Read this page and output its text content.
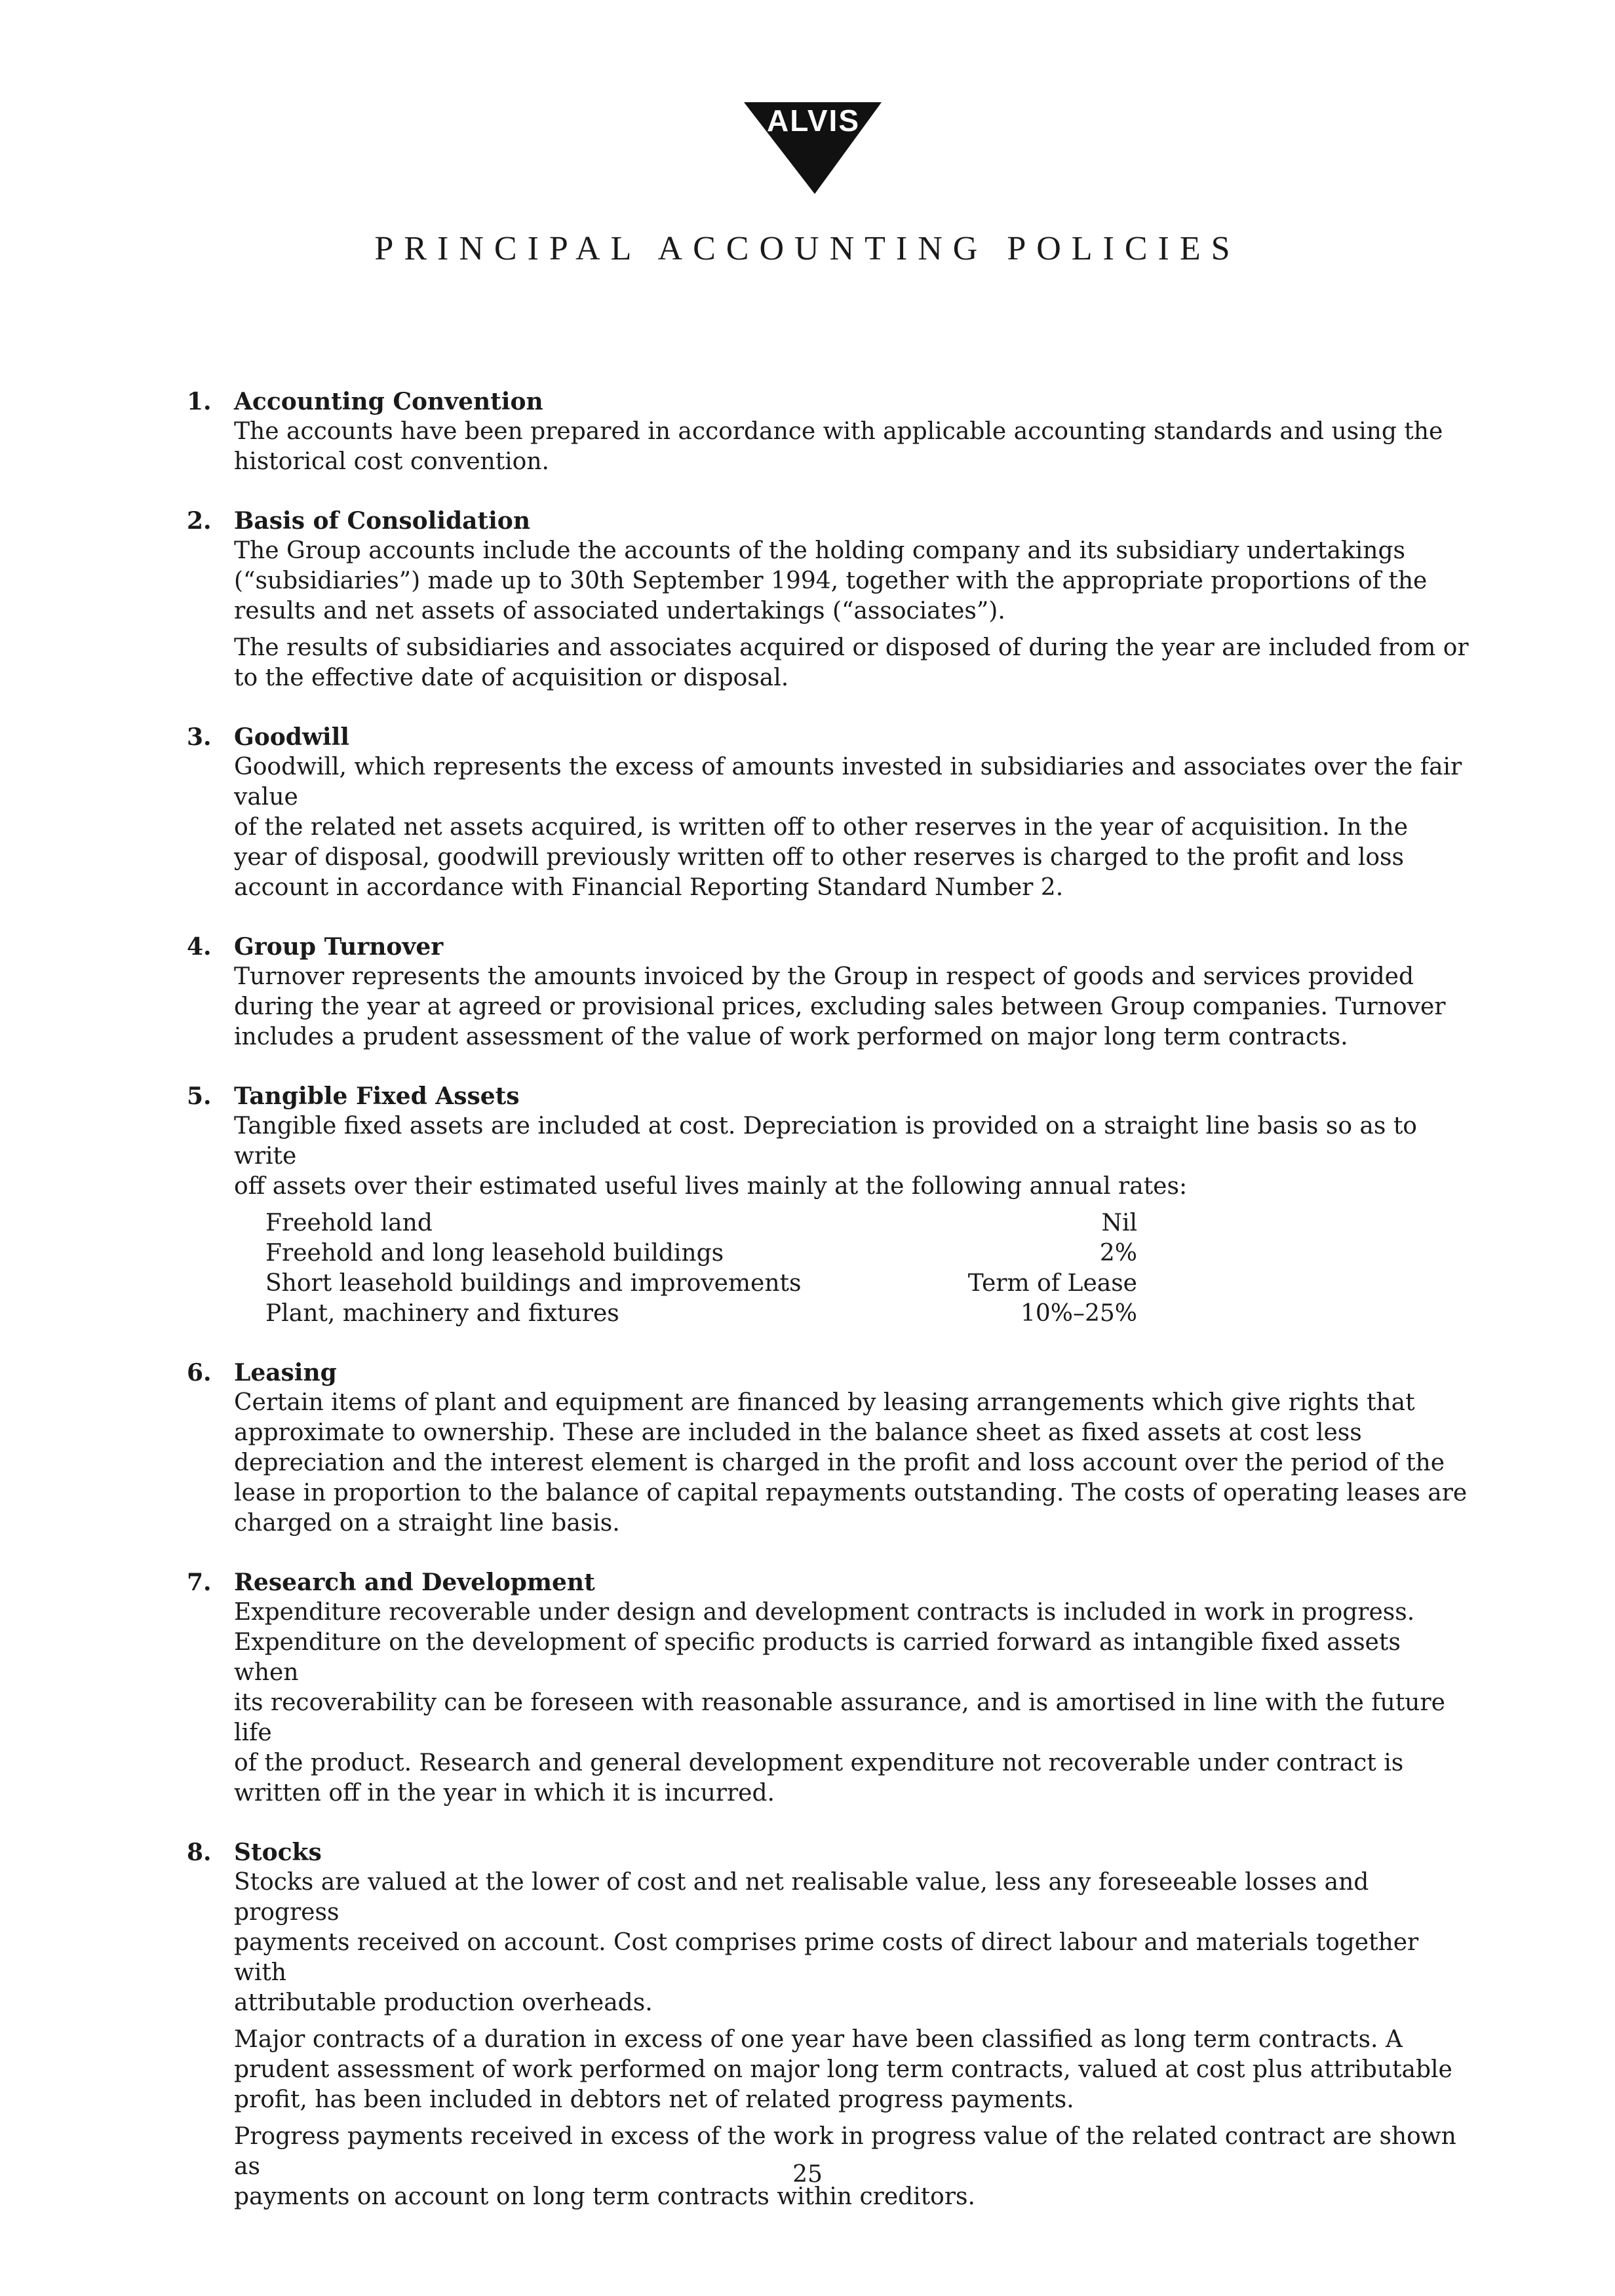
ALVIS
PRINCIPAL ACCOUNTING POLICIES
1. Accounting Convention

The accounts have been prepared in accordance with applicable accounting standards and using the
historical cost convention.

2. Basis of Consolidation

The Group accounts include the accounts of the holding company and its subsidiary undertakings
(“subsidiaries”) made up to 30th September 1994, together with the appropriate proportions of the
results and net assets of associated undertakings (“associates”).

The results of subsidiaries and associates acquired or disposed of during the year are included from or
to the effective date of acquisition or disposal.

3. Goodwill

Goodwill, which represents the excess of amounts invested in subsidiaries and associates over the fair value
of the related net assets acquired, is written off to other reserves in the year of acquisition. In the
year of disposal, goodwill previously written off to other reserves is charged to the profit and loss
account in accordance with Financial Reporting Standard Number 2.

4. Group Turnover

Turnover represents the amounts invoiced by the Group in respect of goods and services provided
during the year at agreed or provisional prices, excluding sales between Group companies. Turnover
includes a prudent assessment of the value of work performed on major long term contracts.

5. Tangible Fixed Assets

Tangible fixed assets are included at cost. Depreciation is provided on a straight line basis so as to write
off assets over their estimated useful lives mainly at the following annual rates:

Freehold land	Nil
Freehold and long leasehold buildings	2%
Short leasehold buildings and improvements	Term of Lease
Plant, machinery and fixtures	10%–25%
6. Leasing

Certain items of plant and equipment are financed by leasing arrangements which give rights that
approximate to ownership. These are included in the balance sheet as fixed assets at cost less
depreciation and the interest element is charged in the profit and loss account over the period of the
lease in proportion to the balance of capital repayments outstanding. The costs of operating leases are
charged on a straight line basis.

7. Research and Development

Expenditure recoverable under design and development contracts is included in work in progress.
Expenditure on the development of specific products is carried forward as intangible fixed assets when
its recoverability can be foreseen with reasonable assurance, and is amortised in line with the future life
of the product. Research and general development expenditure not recoverable under contract is
written off in the year in which it is incurred.

8. Stocks

Stocks are valued at the lower of cost and net realisable value, less any foreseeable losses and progress
payments received on account. Cost comprises prime costs of direct labour and materials together with
attributable production overheads.

Major contracts of a duration in excess of one year have been classified as long term contracts. A
prudent assessment of work performed on major long term contracts, valued at cost plus attributable
profit, has been included in debtors net of related progress payments.

Progress payments received in excess of the work in progress value of the related contract are shown as
payments on account on long term contracts within creditors.

25
